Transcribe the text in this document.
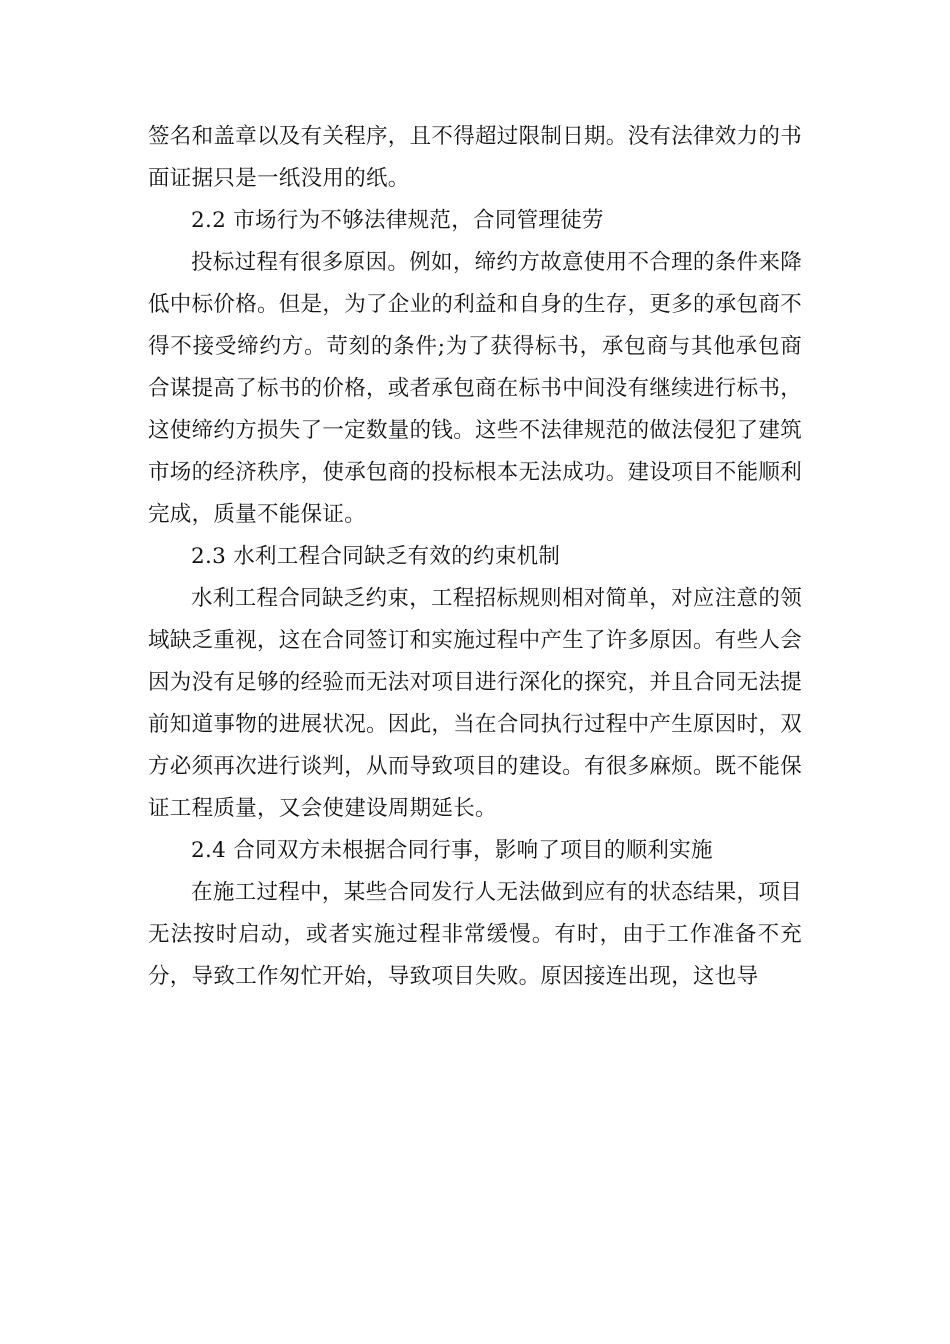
签名和盖章以及有关程序，且不得超过限制日期。没有法律效力的书面证据只是一纸没用的纸。

2.2 市场行为不够法律规范，合同管理徒劳

投标过程有很多原因。例如，缔约方故意使用不合理的条件来降低中标价格。但是，为了企业的利益和自身的生存，更多的承包商不得不接受缔约方。苛刻的条件;为了获得标书，承包商与其他承包商合谋提高了标书的价格，或者承包商在标书中间没有继续进行标书，这使缔约方损失了一定数量的钱。这些不法律规范的做法侵犯了建筑市场的经济秩序，使承包商的投标根本无法成功。建设项目不能顺利完成，质量不能保证。

2.3 水利工程合同缺乏有效的约束机制

水利工程合同缺乏约束，工程招标规则相对简单，对应注意的领域缺乏重视，这在合同签订和实施过程中产生了许多原因。有些人会因为没有足够的经验而无法对项目进行深化的探究，并且合同无法提前知道事物的进展状况。因此，当在合同执行过程中产生原因时，双方必须再次进行谈判，从而导致项目的建设。有很多麻烦。既不能保证工程质量，又会使建设周期延长。

2.4 合同双方未根据合同行事，影响了项目的顺利实施

在施工过程中，某些合同发行人无法做到应有的状态结果，项目无法按时启动，或者实施过程非常缓慢。有时，由于工作准备不充分，导致工作匆忙开始，导致项目失败。原因接连出现，这也导
